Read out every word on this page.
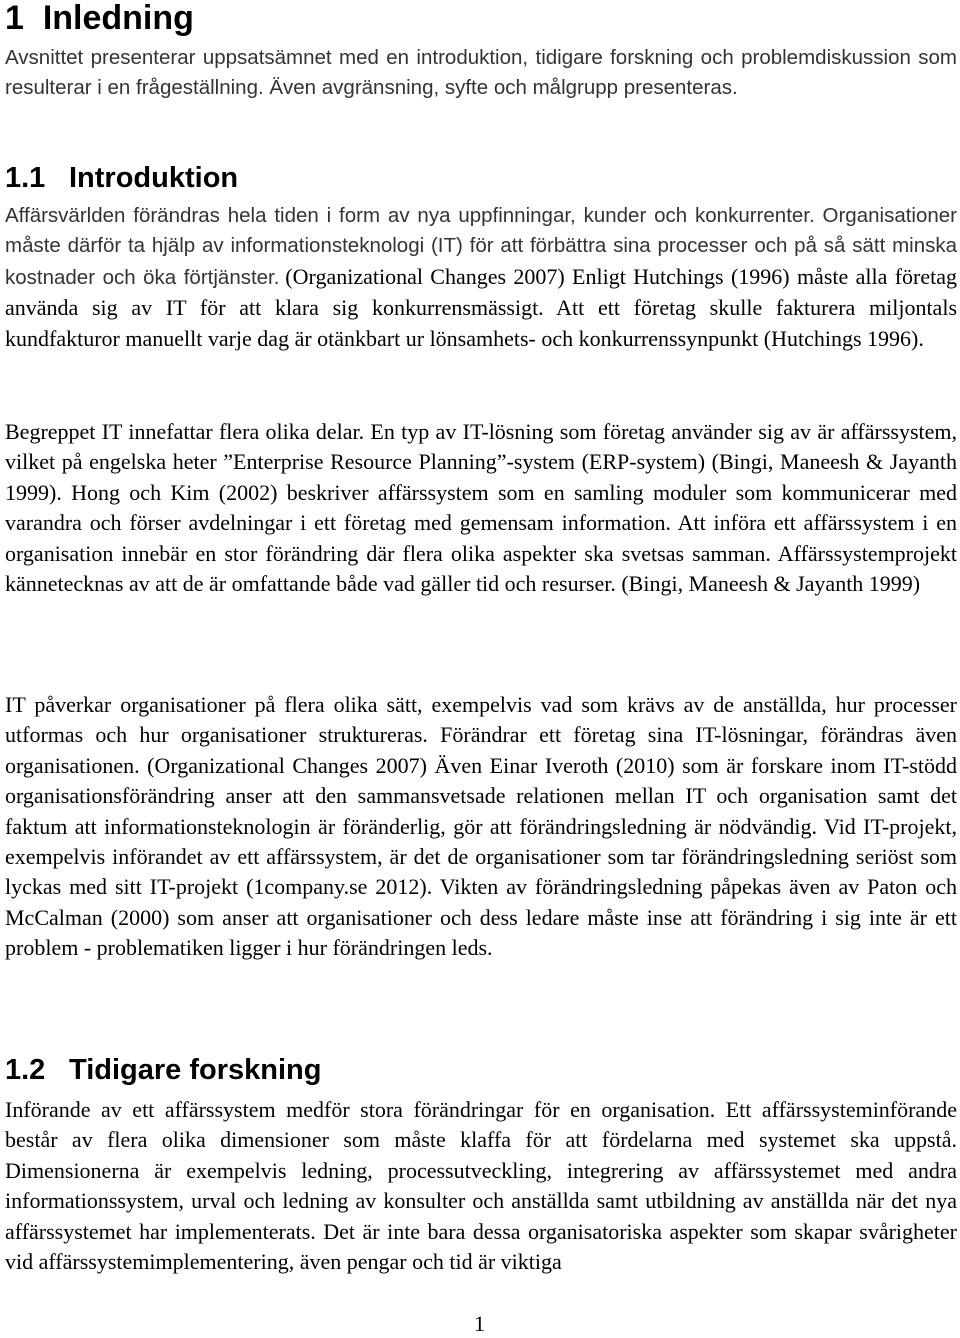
1 Inledning

Avsnittet presenterar uppsatsämnet med en introduktion, tidigare forskning och problemdiskussion som resulterar i en frågeställning. Även avgränsning, syfte och målgrupp presenteras.

1.1 Introduktion

Affärsvärlden förändras hela tiden i form av nya uppfinningar, kunder och konkurrenter. Organisationer måste därför ta hjälp av informationsteknologi (IT) för att förbättra sina processer och på så sätt minska kostnader och öka förtjänster. (Organizational Changes 2007) Enligt Hutchings (1996) måste alla företag använda sig av IT för att klara sig konkurrensmässigt. Att ett företag skulle fakturera miljontals kundfakturor manuellt varje dag är otänkbart ur lönsamhets- och konkurrenssynpunkt (Hutchings 1996).

Begreppet IT innefattar flera olika delar. En typ av IT-lösning som företag använder sig av är affärssystem, vilket på engelska heter ”Enterprise Resource Planning”-system (ERP-system) (Bingi, Maneesh & Jayanth 1999). Hong och Kim (2002) beskriver affärssystem som en samling moduler som kommunicerar med varandra och förser avdelningar i ett företag med gemensam information. Att införa ett affärssystem i en organisation innebär en stor förändring där flera olika aspekter ska svetsas samman. Affärssystemprojekt kännetecknas av att de är omfattande både vad gäller tid och resurser. (Bingi, Maneesh & Jayanth 1999)

IT påverkar organisationer på flera olika sätt, exempelvis vad som krävs av de anställda, hur processer utformas och hur organisationer struktureras. Förändrar ett företag sina IT-lösningar, förändras även organisationen. (Organizational Changes 2007) Även Einar Iveroth (2010) som är forskare inom IT-stödd organisationsförändring anser att den sammansvetsade relationen mellan IT och organisation samt det faktum att informationsteknologin är föränderlig, gör att förändringsledning är nödvändig. Vid IT-projekt, exempelvis införandet av ett affärssystem, är det de organisationer som tar förändringsledning seriöst som lyckas med sitt IT-projekt (1company.se 2012). Vikten av förändringsledning påpekas även av Paton och McCalman (2000) som anser att organisationer och dess ledare måste inse att förändring i sig inte är ett problem - problematiken ligger i hur förändringen leds.

1.2 Tidigare forskning

Införande av ett affärssystem medför stora förändringar för en organisation. Ett affärssysteminförande består av flera olika dimensioner som måste klaffa för att fördelarna med systemet ska uppstå. Dimensionerna är exempelvis ledning, processutveckling, integrering av affärssystemet med andra informationssystem, urval och ledning av konsulter och anställda samt utbildning av anställda när det nya affärssystemet har implementerats. Det är inte bara dessa organisatoriska aspekter som skapar svårigheter vid affärssystemimplementering, även pengar och tid är viktiga

1
